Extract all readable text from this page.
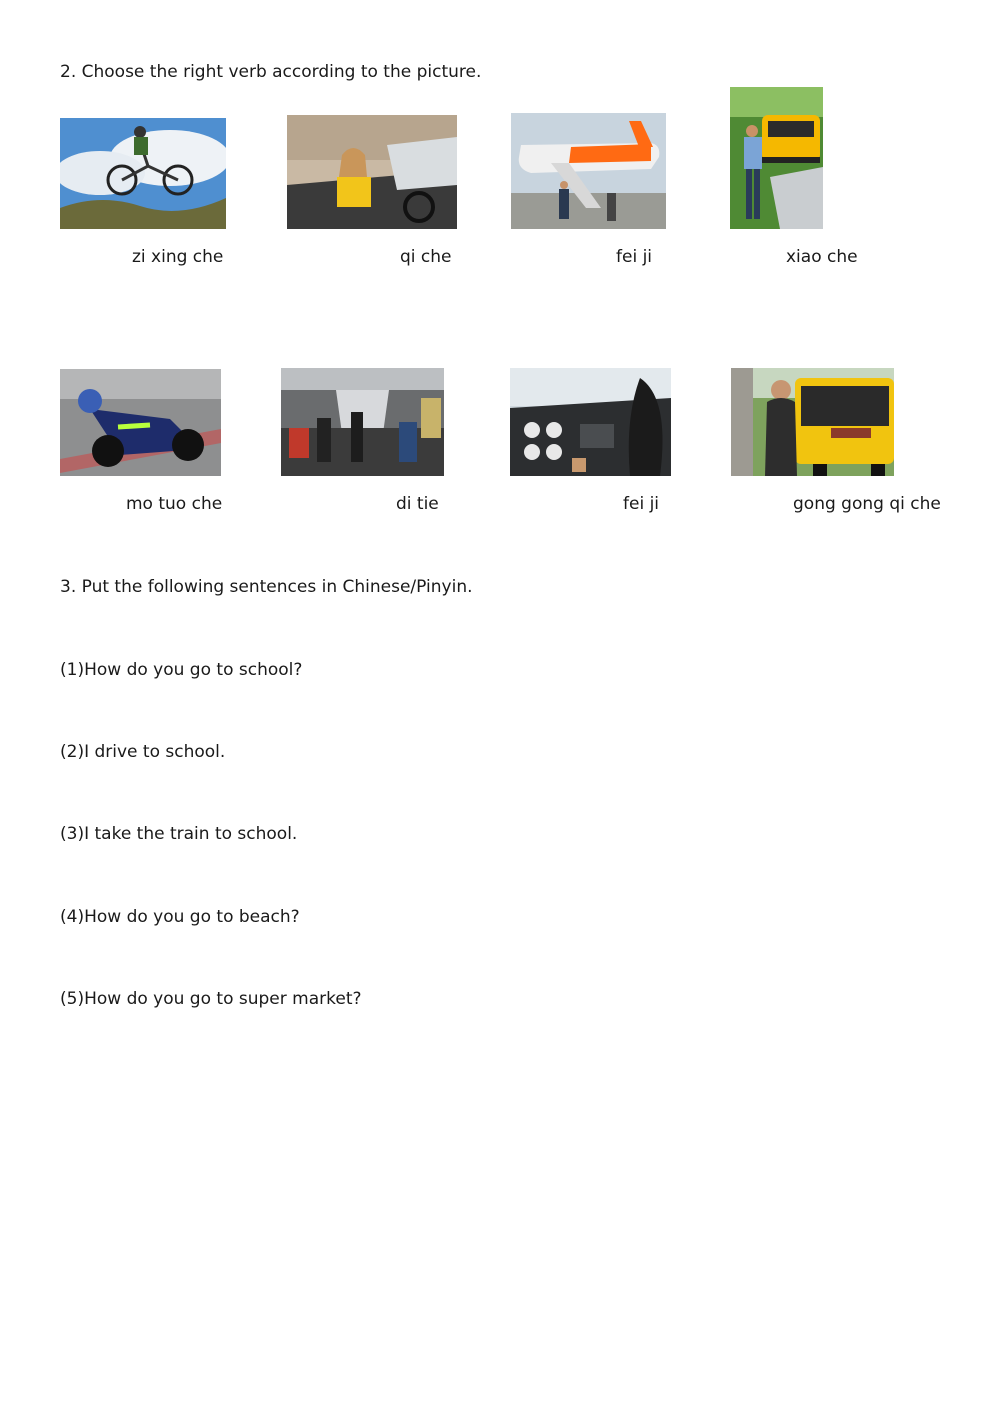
2. Choose the right verb according to the picture.
zi xing che	qi che	fei ji	xiao che
mo tuo che	di tie	fei ji	gong gong qi che
3. Put the following sentences in Chinese/Pinyin.
(1)How do you go to school?
(2)I drive to school.
(3)I take the train to school.
(4)How do you go to beach?
(5)How do you go to super market?
